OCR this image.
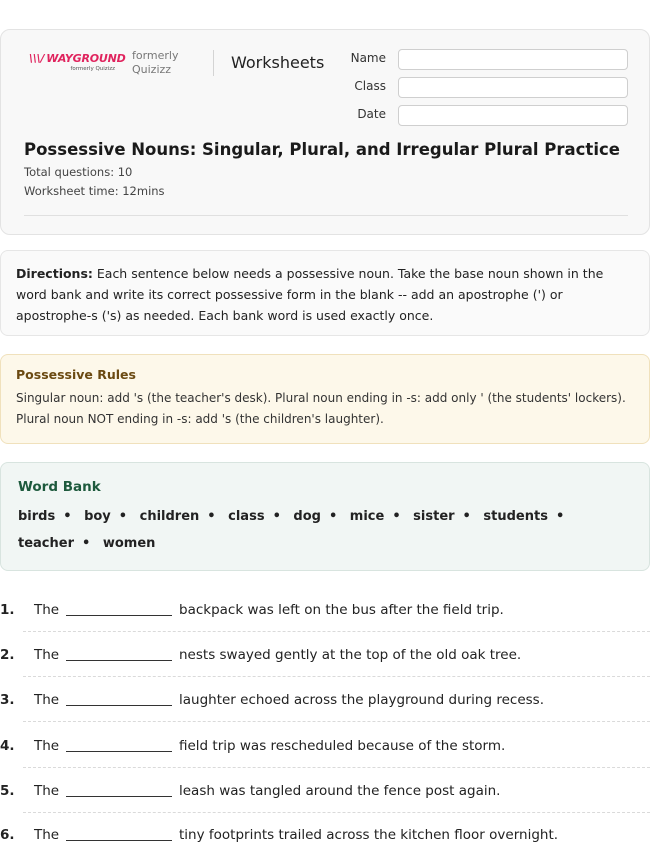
\\\/ WAYGROUND
formerly Quizizz
formerly
Quizizz	Worksheets Name
Class
Date
Possessive Nouns: Singular, Plural, and Irregular Plural Practice
Total questions: 10
Worksheet time: 12mins
Directions: Each sentence below needs a possessive noun. Take the base noun shown in the word bank and write its correct possessive form in the blank -- add an apostrophe (') or apostrophe-s ('s) as needed. Each bank word is used exactly once.
Possessive Rules
Singular noun: add 's (the teacher's desk). Plural noun ending in -s: add only ' (the students' lockers). Plural noun NOT ending in -s: add 's (the children's laughter).
Word Bank
birds • boy • children • class • dog • mice • sister • students • teacher • women
1. The	backpack was left on the bus after the field trip.
2. The	nests swayed gently at the top of the old oak tree.
3. The	laughter echoed across the playground during recess.
4. The	field trip was rescheduled because of the storm.
5. The	leash was tangled around the fence post again.
6. The	tiny footprints trailed across the kitchen floor overnight.
